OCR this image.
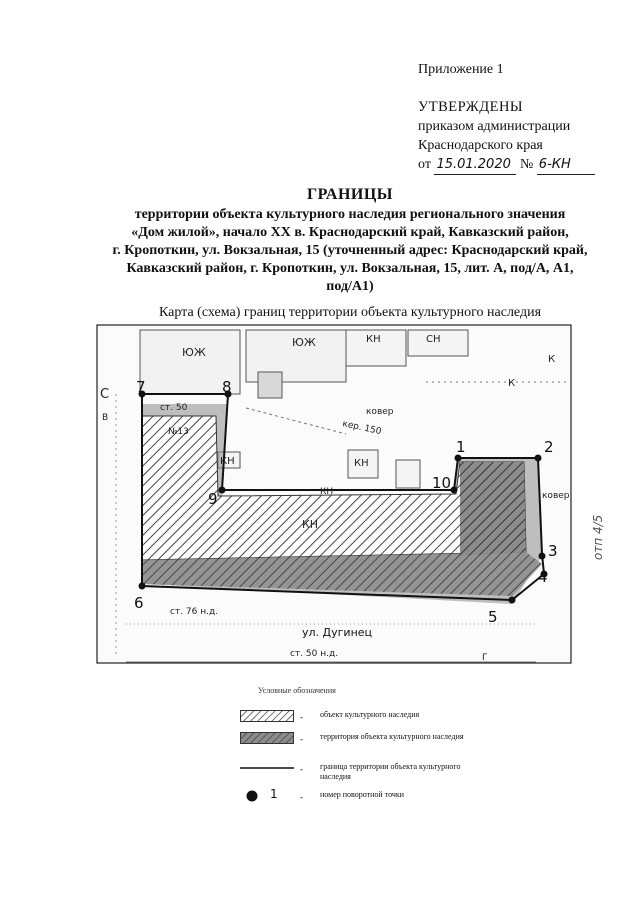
Приложение 1
УТВЕРЖДЕНЫ
приказом администрации
Краснодарского края
от 15.01.2020 № 6-КН
ГРАНИЦЫ
территории объекта культурного наследия регионального значения
«Дом жилой», начало XX в. Краснодарский край, Кавказский район,
г. Кропоткин, ул. Вокзальная, 15 (уточненный адрес: Краснодарский край,
Кавказский район, г. Кропоткин, ул. Вокзальная, 15, лит. А, под/А, А1,
под/А1)
Карта (схема) границ территории объекта культурного наследия
1	2
3
4
5
6
7	8
9
10
ЮЖ
ЮЖ	КН	СН
КН
КН
КН
КН
ковер
ковер
кер. 150
ст. 50
ст. 76 н.д.
ул. Дугинец
ст. 50 н.д.
К
К
№13
В
С
Г
Условные обозначения
- объект культурного наследия
- территория объекта культурного наследия
- граница территории объекта культурного наследия
1 - номер поворотной точки
отп 4/5
